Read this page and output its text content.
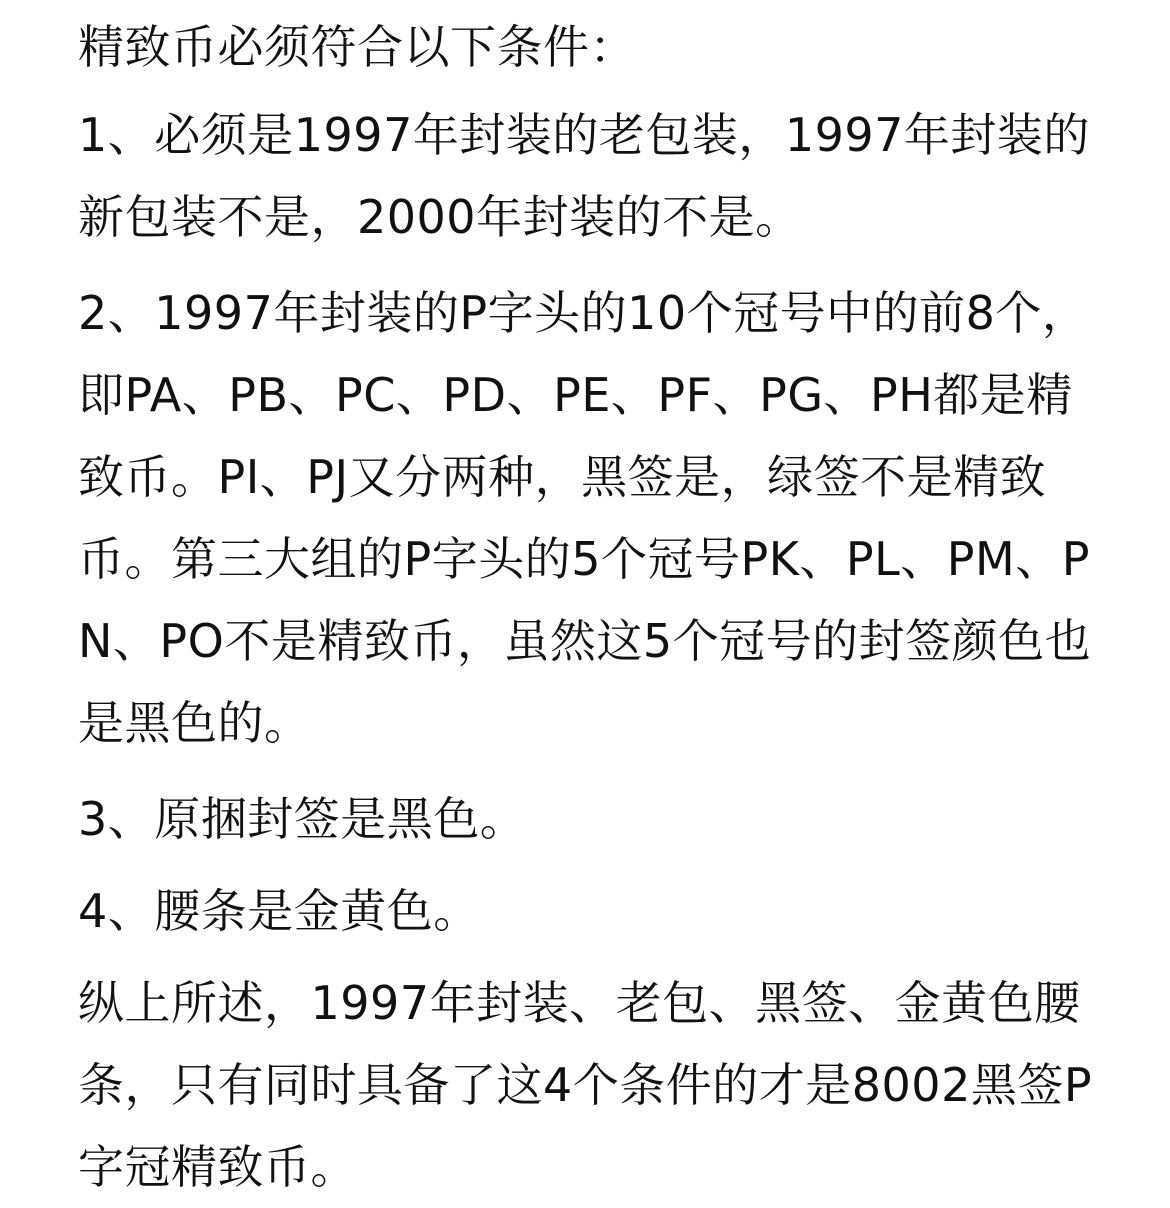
精致币必须符合以下条件：

1、必须是1997年封装的老包装，1997年封装的新包装不是，2000年封装的不是。

2、1997年封装的P字头的10个冠号中的前8个，即PA、PB、PC、PD、PE、PF、PG、PH都是精致币。PI、PJ又分两种，黑签是，绿签不是精致币。第三大组的P字头的5个冠号PK、PL、PM、PN、PO不是精致币，虽然这5个冠号的封签颜色也是黑色的。

3、原捆封签是黑色。

4、腰条是金黄色。

纵上所述，1997年封装、老包、黑签、金黄色腰条，只有同时具备了这4个条件的才是8002黑签P字冠精致币。
